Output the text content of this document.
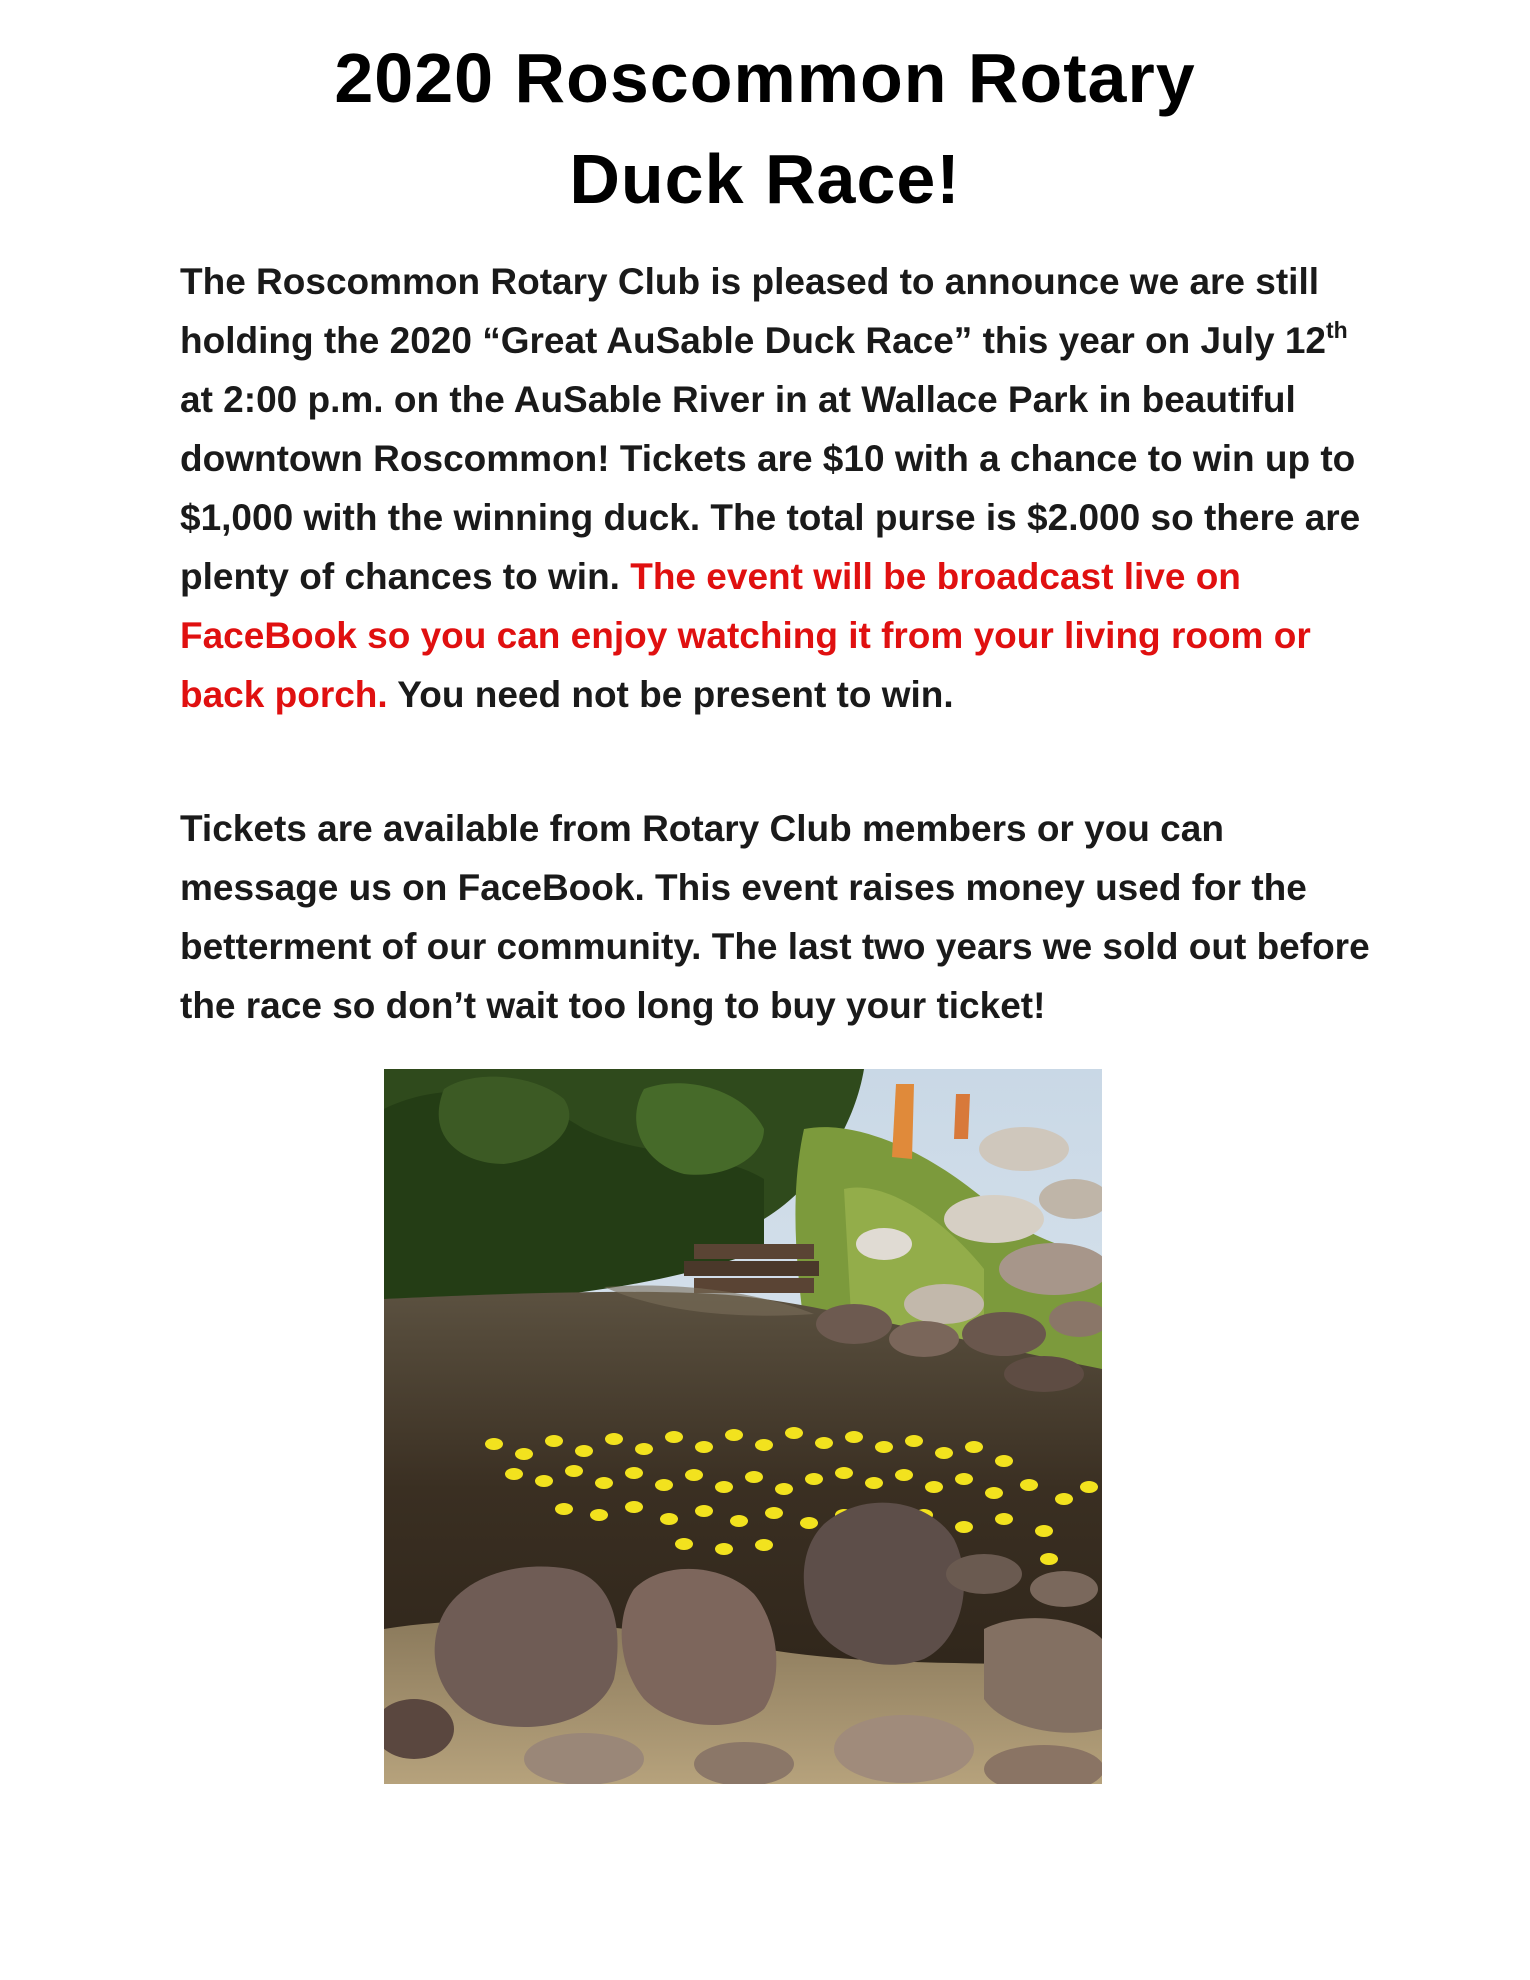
2020 Roscommon Rotary
Duck Race!
The Roscommon Rotary Club is pleased to announce we are still holding the 2020 “Great AuSable Duck Race” this year on July 12th at 2:00 p.m. on the AuSable River in at Wallace Park in beautiful downtown Roscommon! Tickets are $10 with a chance to win up to $1,000 with the winning duck. The total purse is $2.000 so there are plenty of chances to win. The event will be broadcast live on FaceBook so you can enjoy watching it from your living room or back porch. You need not be present to win.
Tickets are available from Rotary Club members or you can message us on FaceBook. This event raises money used for the betterment of our community. The last two years we sold out before the race so don’t wait too long to buy your ticket!
